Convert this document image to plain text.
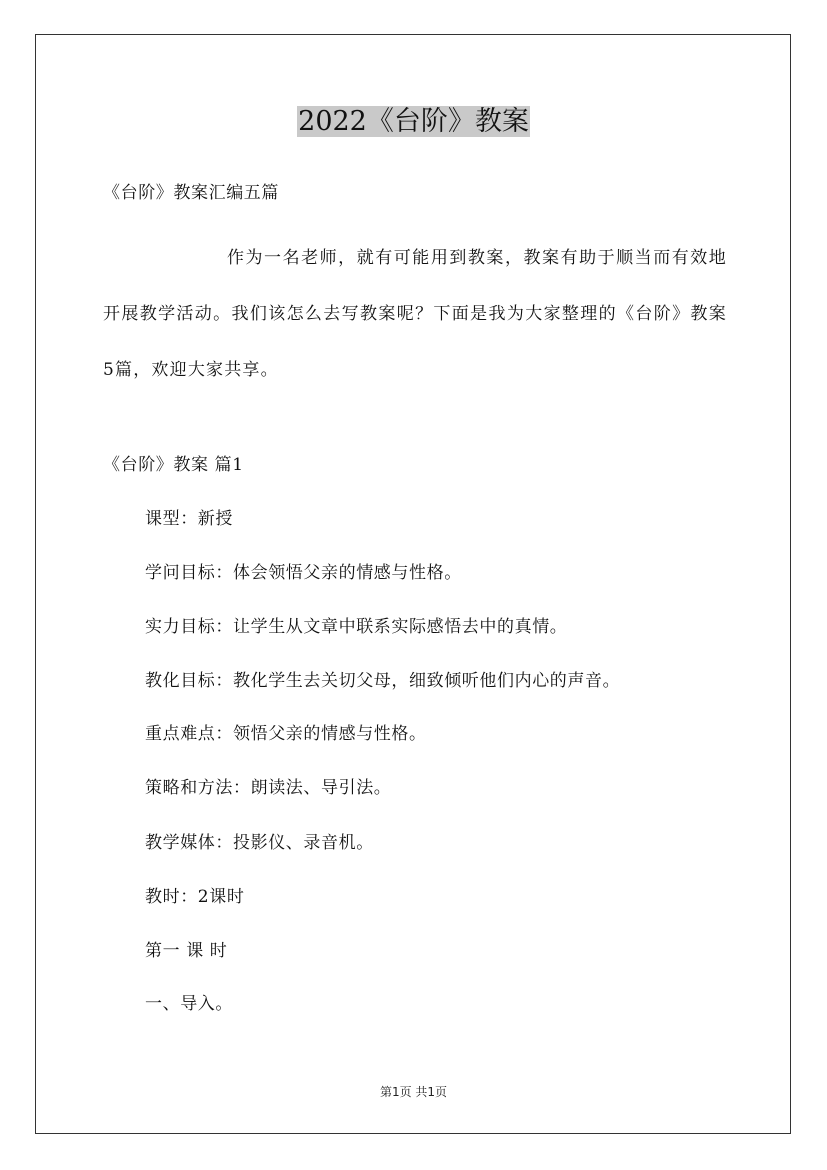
2022《台阶》教案
《台阶》教案汇编五篇
作为一名老师，就有可能用到教案，教案有助于顺当而有效地开展教学活动。我们该怎么去写教案呢？下面是我为大家整理的《台阶》教案5篇，欢迎大家共享。
《台阶》教案 篇1
课型：新授
学问目标：体会领悟父亲的情感与性格。
实力目标：让学生从文章中联系实际感悟去中的真情。
教化目标：教化学生去关切父母，细致倾听他们内心的声音。
重点难点：领悟父亲的情感与性格。
策略和方法：朗读法、导引法。
教学媒体：投影仪、录音机。
教时：2课时
第一 课 时
一、导入。
第1页 共1页
